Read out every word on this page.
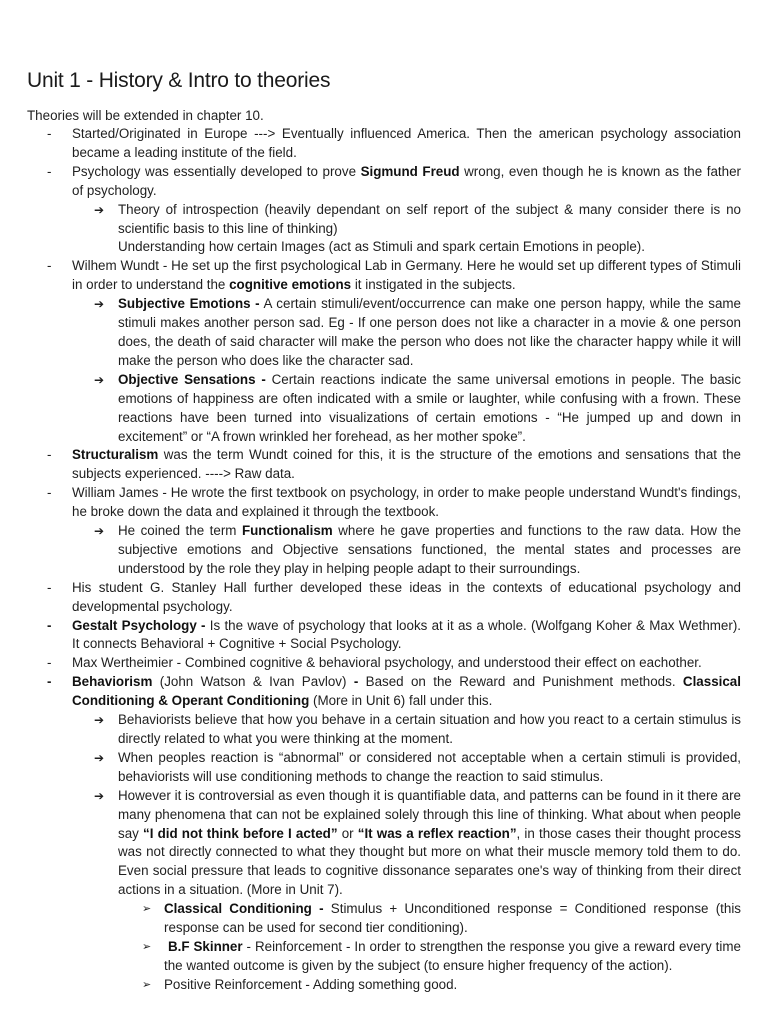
Unit 1 - History & Intro to theories

Theories will be extended in chapter 10.

- Started/Originated in Europe ---> Eventually influenced America. Then the american psychology association became a leading institute of the field.
- Psychology was essentially developed to prove Sigmund Freud wrong, even though he is known as the father of psychology.
➔ Theory of introspection (heavily dependant on self report of the subject & many consider there is no scientific basis to this line of thinking)
Understanding how certain Images (act as Stimuli and spark certain Emotions in people).
- Wilhem Wundt - He set up the first psychological Lab in Germany. Here he would set up different types of Stimuli in order to understand the cognitive emotions it instigated in the subjects.
➔ Subjective Emotions - A certain stimuli/event/occurrence can make one person happy, while the same stimuli makes another person sad. Eg - If one person does not like a character in a movie & one person does, the death of said character will make the person who does not like the character happy while it will make the person who does like the character sad.
➔ Objective Sensations - Certain reactions indicate the same universal emotions in people. The basic emotions of happiness are often indicated with a smile or laughter, while confusing with a frown. These reactions have been turned into visualizations of certain emotions - “He jumped up and down in excitement” or “A frown wrinkled her forehead, as her mother spoke”.
- Structuralism was the term Wundt coined for this, it is the structure of the emotions and sensations that the subjects experienced. ----> Raw data.
- William James - He wrote the first textbook on psychology, in order to make people understand Wundt's findings, he broke down the data and explained it through the textbook.
➔ He coined the term Functionalism where he gave properties and functions to the raw data. How the subjective emotions and Objective sensations functioned, the mental states and processes are understood by the role they play in helping people adapt to their surroundings.
- His student G. Stanley Hall further developed these ideas in the contexts of educational psychology and developmental psychology.
- Gestalt Psychology - Is the wave of psychology that looks at it as a whole. (Wolfgang Koher & Max Wethmer). It connects Behavioral + Cognitive + Social Psychology.
- Max Wertheimier - Combined cognitive & behavioral psychology, and understood their effect on eachother.
- Behaviorism (John Watson & Ivan Pavlov) - Based on the Reward and Punishment methods. Classical Conditioning & Operant Conditioning (More in Unit 6) fall under this.
➔ Behaviorists believe that how you behave in a certain situation and how you react to a certain stimulus is directly related to what you were thinking at the moment.
➔ When peoples reaction is “abnormal” or considered not acceptable when a certain stimuli is provided, behaviorists will use conditioning methods to change the reaction to said stimulus.
➔ However it is controversial as even though it is quantifiable data, and patterns can be found in it there are many phenomena that can not be explained solely through this line of thinking. What about when people say “I did not think before I acted” or “It was a reflex reaction”, in those cases their thought process was not directly connected to what they thought but more on what their muscle memory told them to do. Even social pressure that leads to cognitive dissonance separates one's way of thinking from their direct actions in a situation. (More in Unit 7).
➢ Classical Conditioning - Stimulus + Unconditioned response = Conditioned response (this response can be used for second tier conditioning).
➢ B.F Skinner - Reinforcement - In order to strengthen the response you give a reward every time the wanted outcome is given by the subject (to ensure higher frequency of the action).
➢ Positive Reinforcement - Adding something good.
